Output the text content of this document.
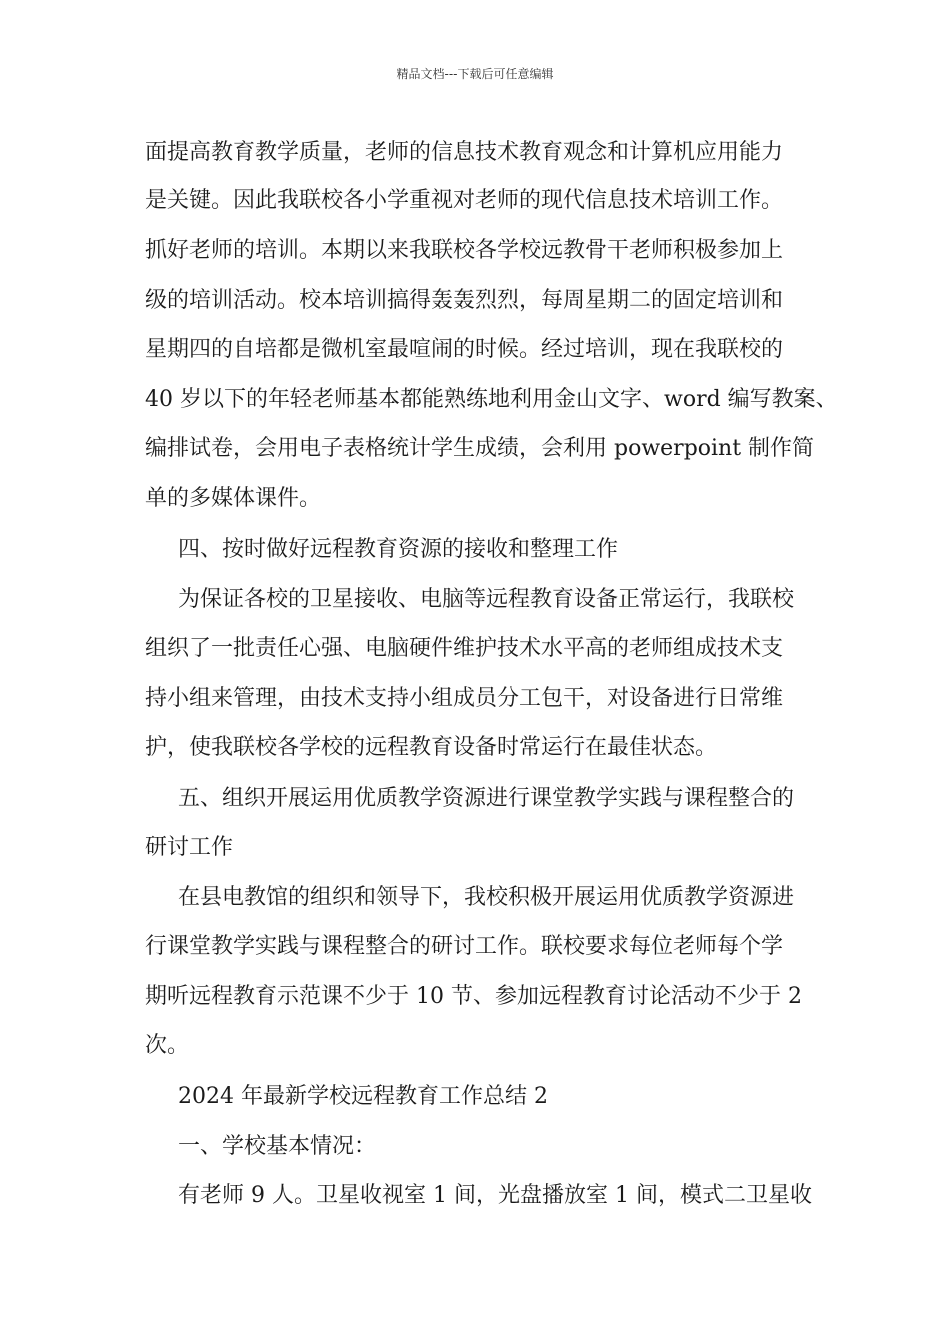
精品文档---下载后可任意编辑
面提高教育教学质量，老师的信息技术教育观念和计算机应用能力
是关键。因此我联校各小学重视对老师的现代信息技术培训工作。
抓好老师的培训。本期以来我联校各学校远教骨干老师积极参加上
级的培训活动。校本培训搞得轰轰烈烈，每周星期二的固定培训和
星期四的自培都是微机室最喧闹的时候。经过培训，现在我联校的
40 岁以下的年轻老师基本都能熟练地利用金山文字、word 编写教案、
编排试卷，会用电子表格统计学生成绩，会利用 powerpoint 制作简
单的多媒体课件。
四、按时做好远程教育资源的接收和整理工作
为保证各校的卫星接收、电脑等远程教育设备正常运行，我联校
组织了一批责任心强、电脑硬件维护技术水平高的老师组成技术支
持小组来管理，由技术支持小组成员分工包干，对设备进行日常维
护，使我联校各学校的远程教育设备时常运行在最佳状态。
五、组织开展运用优质教学资源进行课堂教学实践与课程整合的
研讨工作
在县电教馆的组织和领导下，我校积极开展运用优质教学资源进
行课堂教学实践与课程整合的研讨工作。联校要求每位老师每个学
期听远程教育示范课不少于 10 节、参加远程教育讨论活动不少于 2
次。
2024 年最新学校远程教育工作总结 2
一、学校基本情况：
有老师 9 人。卫星收视室 1 间，光盘播放室 1 间，模式二卫星收
